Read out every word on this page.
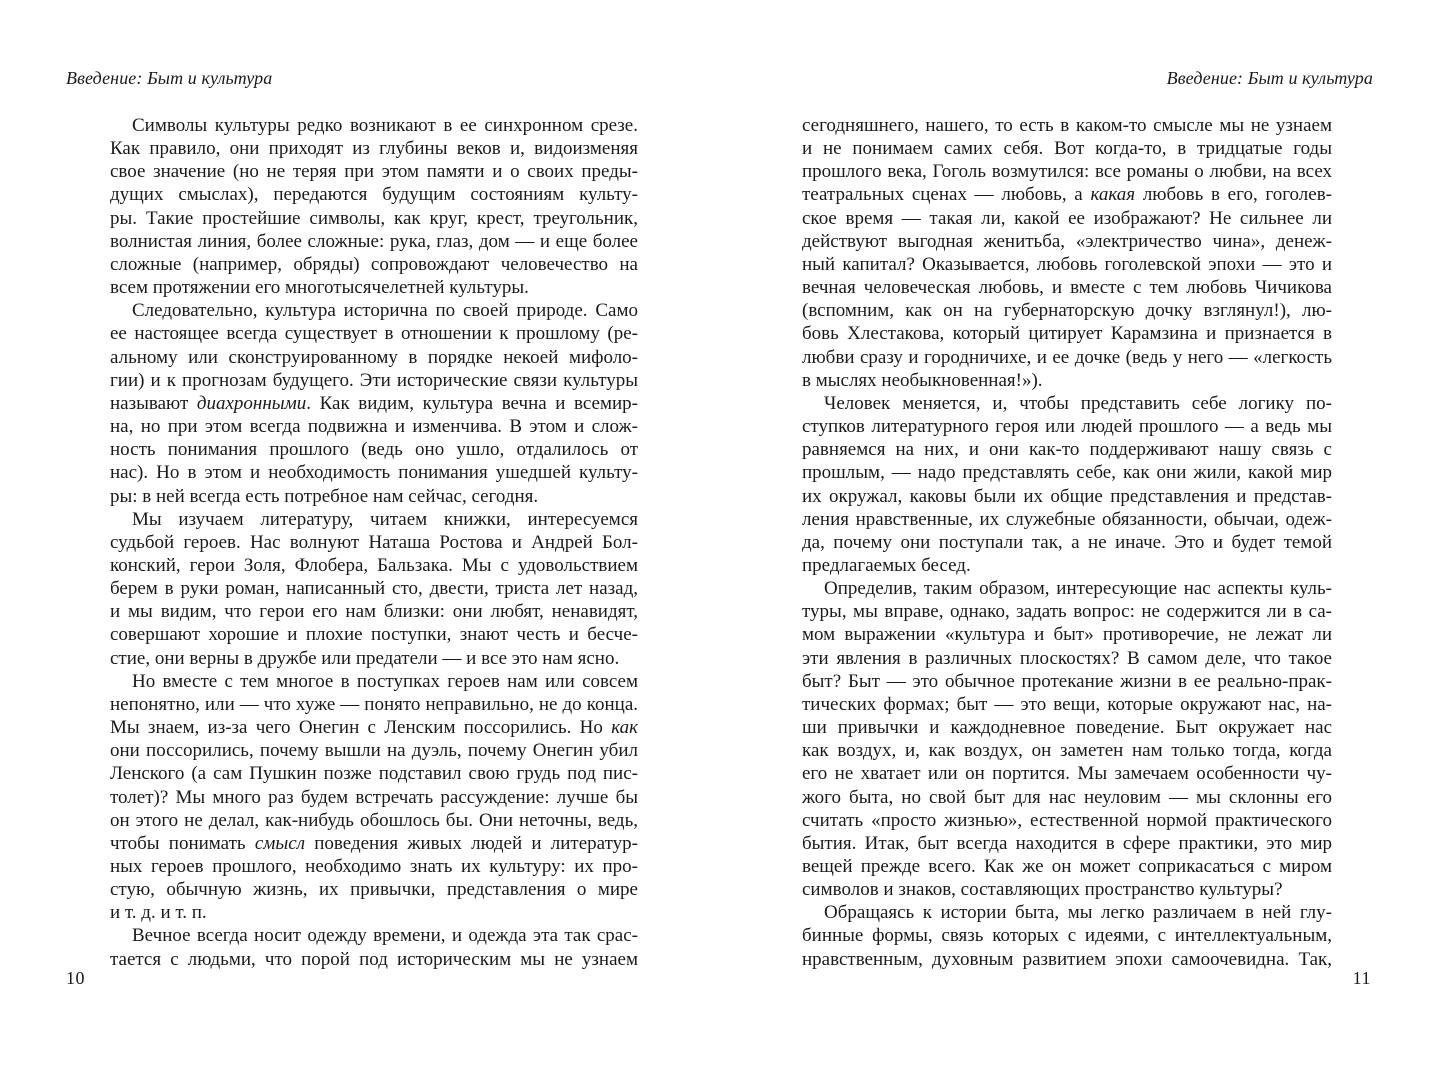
Введение: Быт и культура
Символы культуры редко возникают в ее синхронном срезе.
Как правило, они приходят из глубины веков и, видоизменяя
свое значение (но не теряя при этом памяти и о своих преды-
дущих смыслах), передаются будущим состояниям культу-
ры. Такие простейшие символы, как круг, крест, треугольник,
волнистая линия, более сложные: рука, глаз, дом — и еще более
сложные (например, обряды) сопровождают человечество на
всем протяжении его многотысячелетней культуры.
Следовательно, культура исторична по своей природе. Само
ее настоящее всегда существует в отношении к прошлому (ре-
альному или сконструированному в порядке некоей мифоло-
гии) и к прогнозам будущего. Эти исторические связи культуры
называют диахронными. Как видим, культура вечна и всемир-
на, но при этом всегда подвижна и изменчива. В этом и слож-
ность понимания прошлого (ведь оно ушло, отдалилось от
нас). Но в этом и необходимость понимания ушедшей культу-
ры: в ней всегда есть потребное нам сейчас, сегодня.
Мы изучаем литературу, читаем книжки, интересуемся
судьбой героев. Нас волнуют Наташа Ростова и Андрей Бол-
конский, герои Золя, Флобера, Бальзака. Мы с удовольствием
берем в руки роман, написанный сто, двести, триста лет назад,
и мы видим, что герои его нам близки: они любят, ненавидят,
совершают хорошие и плохие поступки, знают честь и бесче-
стие, они верны в дружбе или предатели — и все это нам ясно.
Но вместе с тем многое в поступках героев нам или совсем
непонятно, или — что хуже — понято неправильно, не до конца.
Мы знаем, из-за чего Онегин с Ленским поссорились. Но как
они поссорились, почему вышли на дуэль, почему Онегин убил
Ленского (а сам Пушкин позже подставил свою грудь под пис-
толет)? Мы много раз будем встречать рассуждение: лучше бы
он этого не делал, как-нибудь обошлось бы. Они неточны, ведь,
чтобы понимать смысл поведения живых людей и литератур-
ных героев прошлого, необходимо знать их культуру: их про-
стую, обычную жизнь, их привычки, представления о мире
и т. д. и т. п.
Вечное всегда носит одежду времени, и одежда эта так срас-
тается с людьми, что порой под историческим мы не узнаем
10
Введение: Быт и культура
сегодняшнего, нашего, то есть в каком-то смысле мы не узнаем
и не понимаем самих себя. Вот когда-то, в тридцатые годы
прошлого века, Гоголь возмутился: все романы о любви, на всех
театральных сценах — любовь, а какая любовь в его, гоголев-
ское время — такая ли, какой ее изображают? Не сильнее ли
действуют выгодная женитьба, «электричество чина», денеж-
ный капитал? Оказывается, любовь гоголевской эпохи — это и
вечная человеческая любовь, и вместе с тем любовь Чичикова
(вспомним, как он на губернаторскую дочку взглянул!), лю-
бовь Хлестакова, который цитирует Карамзина и признается в
любви сразу и городничихе, и ее дочке (ведь у него — «легкость
в мыслях необыкновенная!»).
Человек меняется, и, чтобы представить себе логику по-
ступков литературного героя или людей прошлого — а ведь мы
равняемся на них, и они как-то поддерживают нашу связь с
прошлым, — надо представлять себе, как они жили, какой мир
их окружал, каковы были их общие представления и представ-
ления нравственные, их служебные обязанности, обычаи, одеж-
да, почему они поступали так, а не иначе. Это и будет темой
предлагаемых бесед.
Определив, таким образом, интересующие нас аспекты куль-
туры, мы вправе, однако, задать вопрос: не содержится ли в са-
мом выражении «культура и быт» противоречие, не лежат ли
эти явления в различных плоскостях? В самом деле, что такое
быт? Быт — это обычное протекание жизни в ее реально-прак-
тических формах; быт — это вещи, которые окружают нас, на-
ши привычки и каждодневное поведение. Быт окружает нас
как воздух, и, как воздух, он заметен нам только тогда, когда
его не хватает или он портится. Мы замечаем особенности чу-
жого быта, но свой быт для нас неуловим — мы склонны его
считать «просто жизнью», естественной нормой практического
бытия. Итак, быт всегда находится в сфере практики, это мир
вещей прежде всего. Как же он может соприкасаться с миром
символов и знаков, составляющих пространство культуры?
Обращаясь к истории быта, мы легко различаем в ней глу-
бинные формы, связь которых с идеями, с интеллектуальным,
нравственным, духовным развитием эпохи самоочевидна. Так,
11
